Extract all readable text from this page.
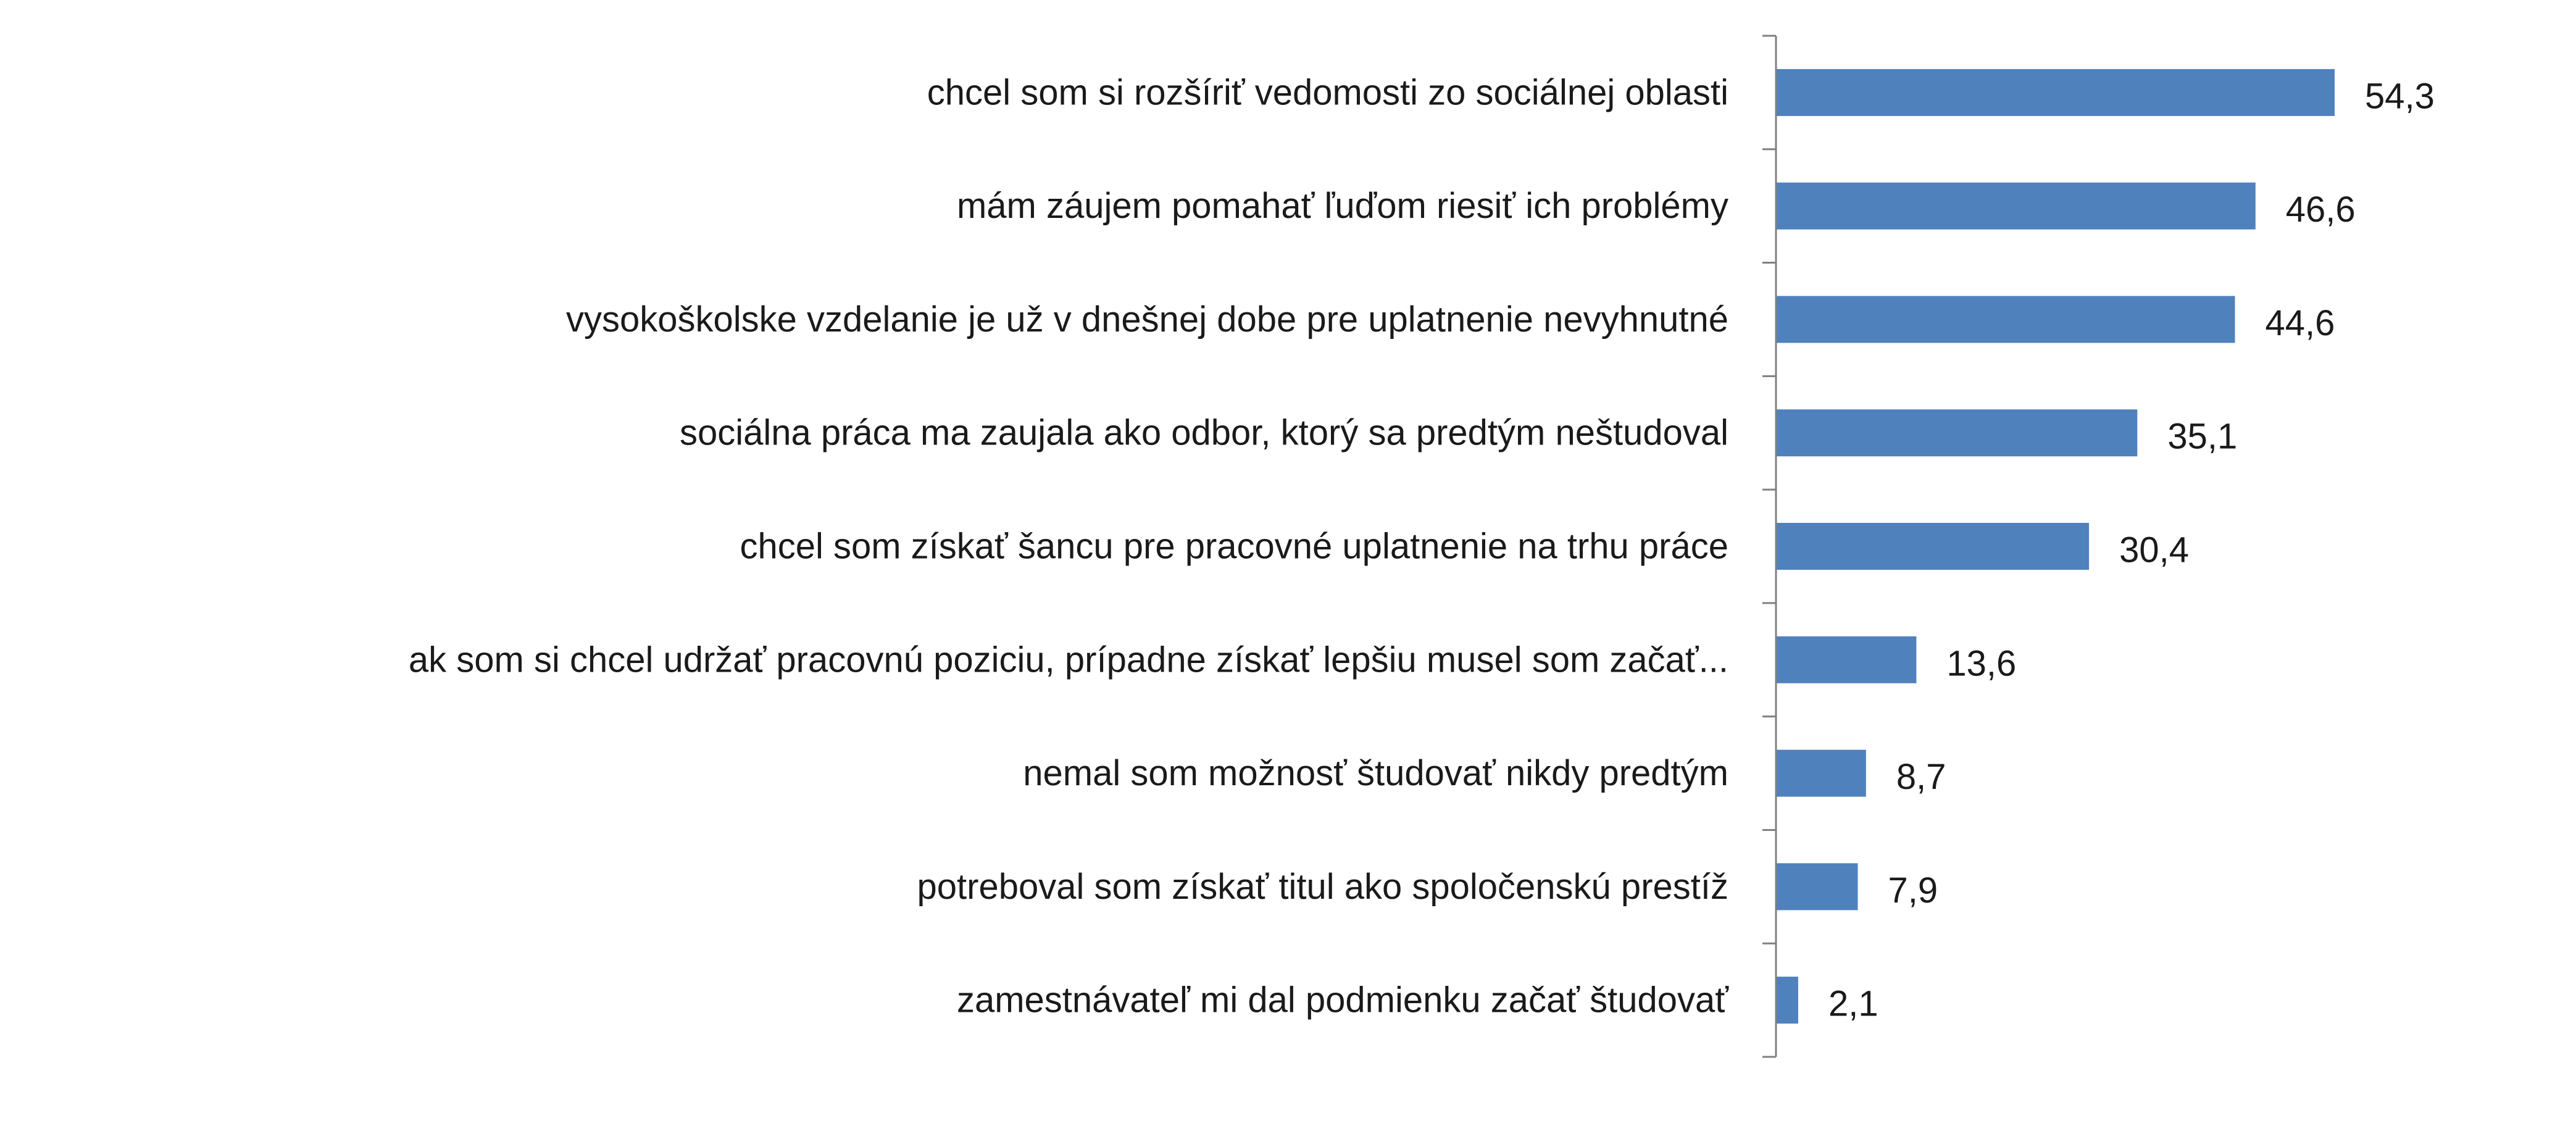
chcel som si rozšíriť vedomosti zo sociálnej oblasti
mám záujem pomahať ľuďom riesiť ich problémy
vysokoškolske vzdelanie je už v dnešnej dobe pre uplatnenie nevyhnutné
sociálna práca ma zaujala ako odbor, ktorý sa predtým neštudoval
chcel som získať šancu pre pracovné uplatnenie na trhu práce
ak som si chcel udržať pracovnú poziciu, prípadne získať lepšiu musel som začať...
nemal som možnosť študovať nikdy predtým
potreboval som získať titul ako spoločenskú prestíž
zamestnávateľ mi dal podmienku začať študovať
54,3
46,6
44,6
35,1
30,4
13,6
8,7
7,9
2,1
